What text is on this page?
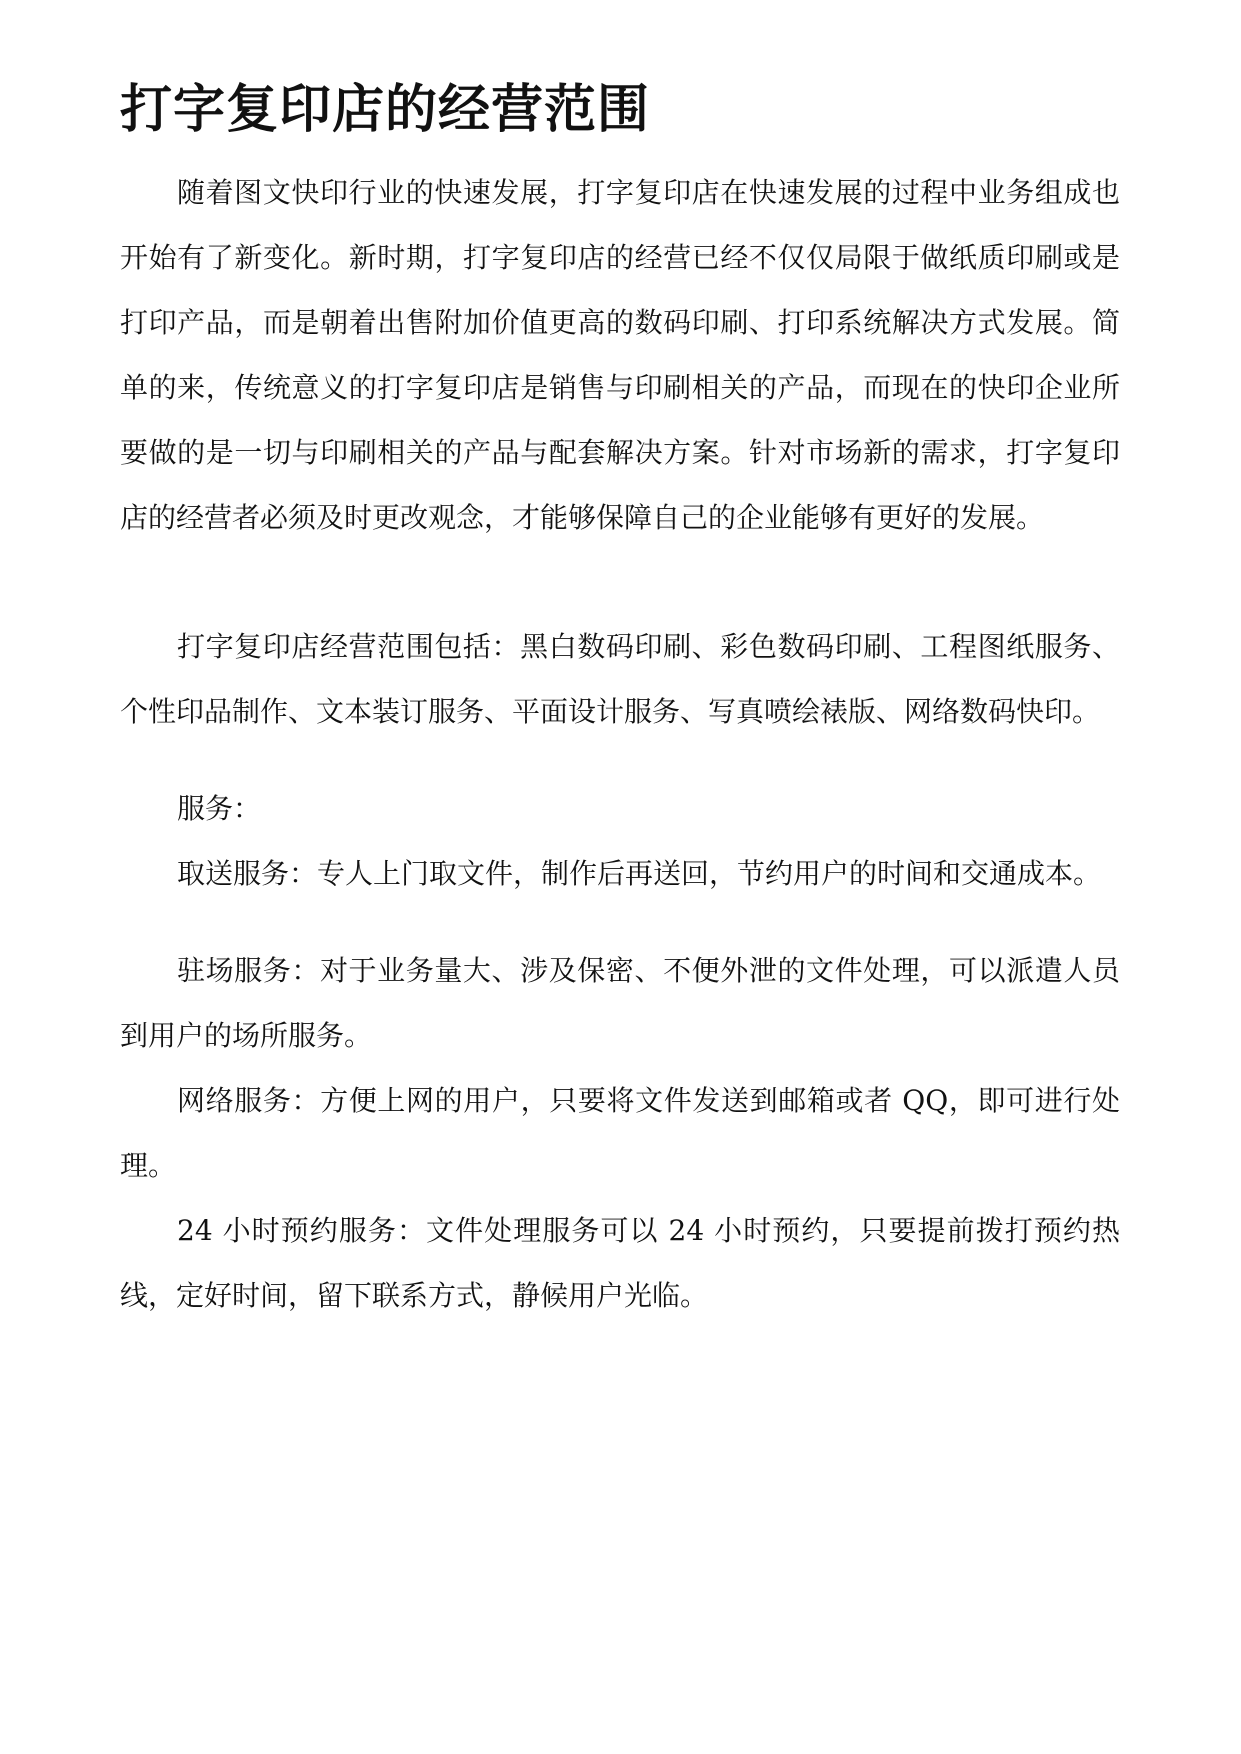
打字复印店的经营范围

随着图文快印行业的快速发展，打字复印店在快速发展的过程中业务组成也开始有了新变化。新时期，打字复印店的经营已经不仅仅局限于做纸质印刷或是打印产品，而是朝着出售附加价值更高的数码印刷、打印系统解决方式发展。简单的来，传统意义的打字复印店是销售与印刷相关的产品，而现在的快印企业所要做的是一切与印刷相关的产品与配套解决方案。针对市场新的需求，打字复印店的经营者必须及时更改观念，才能够保障自己的企业能够有更好的发展。

打字复印店经营范围包括：黑白数码印刷、彩色数码印刷、工程图纸服务、个性印品制作、文本装订服务、平面设计服务、写真喷绘裱版、网络数码快印。

服务：

取送服务：专人上门取文件，制作后再送回，节约用户的时间和交通成本。

驻场服务：对于业务量大、涉及保密、不便外泄的文件处理，可以派遣人员到用户的场所服务。

网络服务：方便上网的用户，只要将文件发送到邮箱或者 QQ，即可进行处理。

24 小时预约服务：文件处理服务可以 24 小时预约，只要提前拨打预约热线，定好时间，留下联系方式，静候用户光临。
